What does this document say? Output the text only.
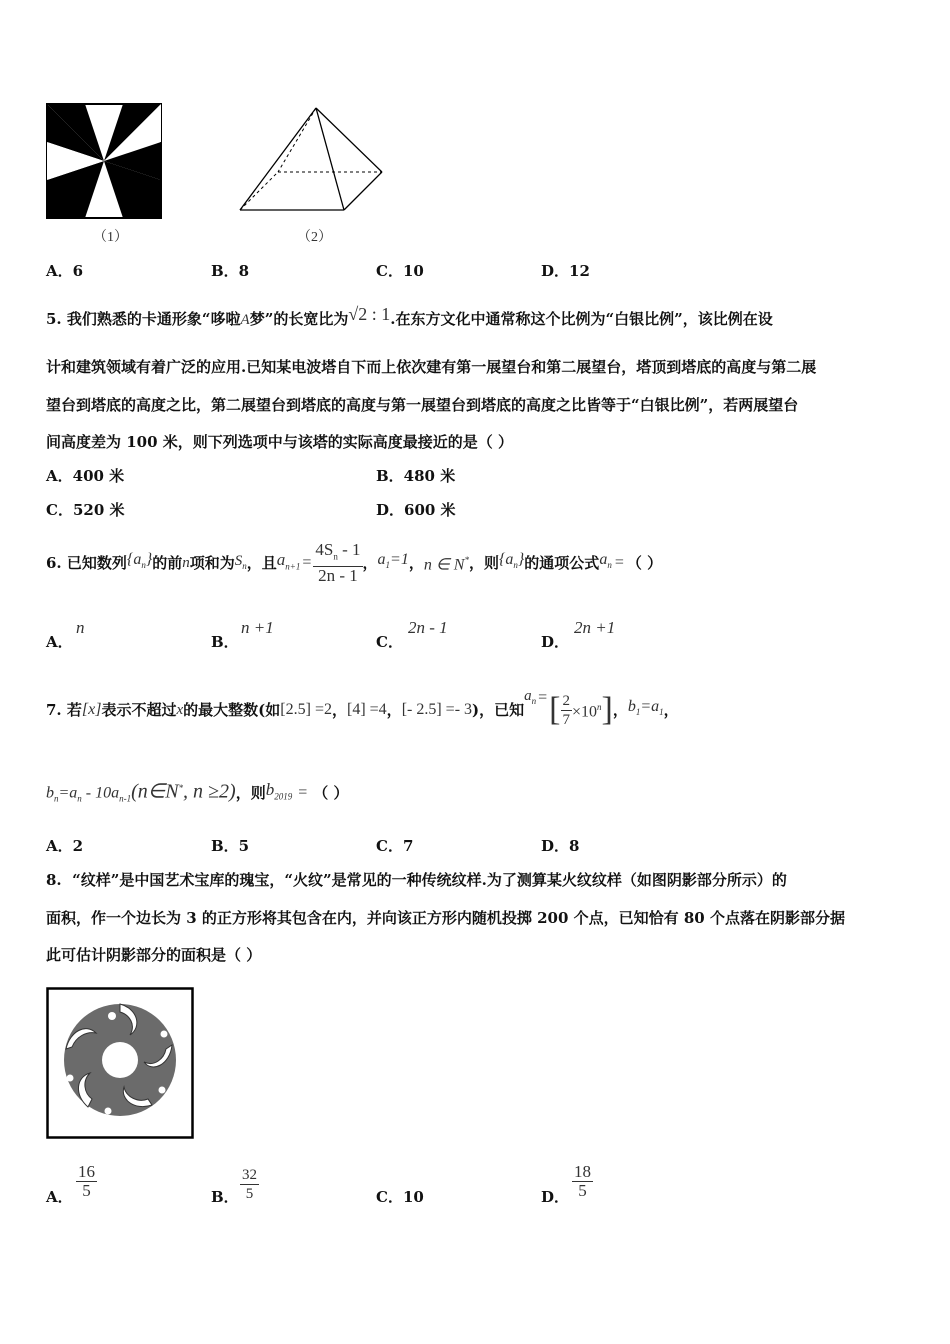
（1）	（2）
A．6	B．8	C．10	D．12
5. 我们熟悉的卡通形象“哆啦A梦”的长宽比为√2 : 1.在东方文化中通常称这个比例为“白银比例”，该比例在设
计和建筑领域有着广泛的应用.已知某电波塔自下而上依次建有第一展望台和第二展望台，塔顶到塔底的高度与第二展
望台到塔底的高度之比，第二展望台到塔底的高度与第一展望台到塔底的高度之比皆等于“白银比例”，若两展望台
间高度差为 100 米，则下列选项中与该塔的实际高度最接近的是（ ）
A．400 米	B．480 米
C．520 米	D．600 米
6.
已知数列 $\{a_n\}$ 的前 n 项和为 $S_n$ ，且 $a_{n+1} = \frac{4S_n - 1}{2n - 1}$ ， $a_1=1$ ， n ∈ N* ，则 $\{a_n\}$ 的通项公式 $a_n$ = （ ）
A．
n
B．
n +1
C．
2n - 1
D．
2n +1
7.
若 [x] 表示不超过 x 的最大整数(如 [2.5] =2 ， [4] =4 ， [- 2.5] =- 3 )，已知
$a_n$ = [ $\frac{2}{7} \times 10^n$ ] ， $b_1=a_1$ ，
$b_n=a_n$ - $10a_{n-1}(n\in N^*$, n ≥2) ，则 $b_{2019}$ = （ ）
A．2	B．5	C．7	D．8
8. “纹样”是中国艺术宝库的瑰宝，“火纹”是常见的一种传统纹样.为了测算某火纹纹样（如图阴影部分所示）的
面积，作一个边长为 3 的正方形将其包含在内，并向该正方形内随机投掷 200 个点，已知恰有 80 个点落在阴影部分据
此可估计阴影部分的面积是（ ）
A． $\frac{16}{5}$	B． $\frac{32}{5}$	C．10	D． $\frac{18}{5}$
